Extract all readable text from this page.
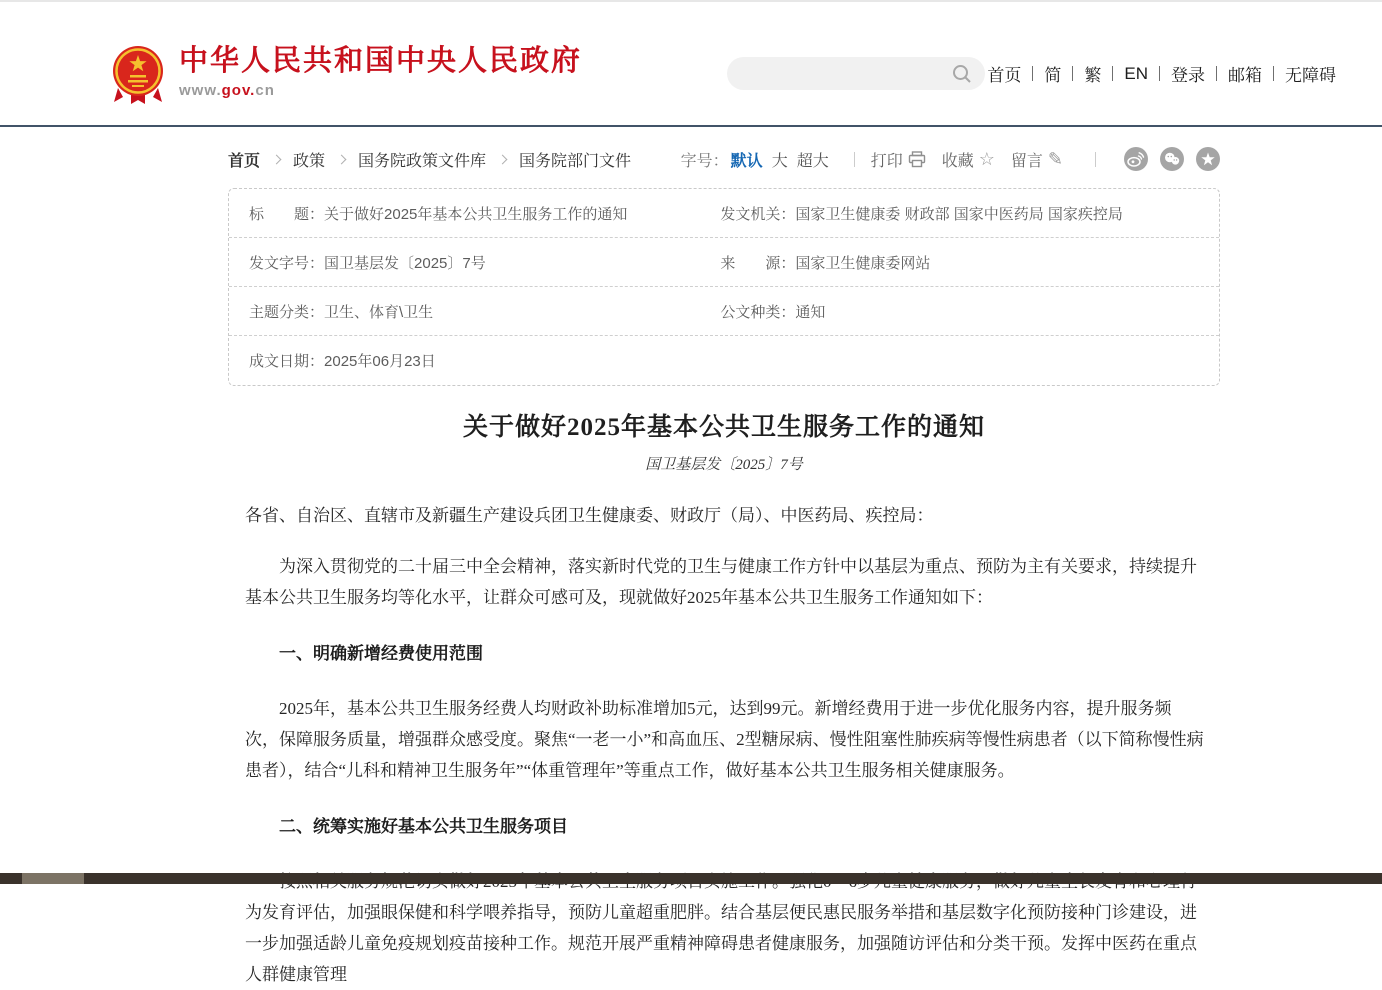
中华人民共和国中央人民政府
www.gov.cn
首页 简 繁 EN 登录 邮箱 无障碍
首页 政策 国务院政策文件库 国务院部门文件	字号： 默认 大 超大	打印 收藏 ☆ 留言 ✎
标　　题： 关于做好2025年基本公共卫生服务工作的通知	发文机关： 国家卫生健康委 财政部 国家中医药局 国家疾控局
发文字号： 国卫基层发〔2025〕7号	来　　源： 国家卫生健康委网站
主题分类： 卫生、体育\卫生	公文种类： 通知
成文日期： 2025年06月23日
关于做好2025年基本公共卫生服务工作的通知
国卫基层发〔2025〕7号

各省、自治区、直辖市及新疆生产建设兵团卫生健康委、财政厅（局）、中医药局、疾控局：

为深入贯彻党的二十届三中全会精神，落实新时代党的卫生与健康工作方针中以基层为重点、预防为主有关要求，持续提升基本公共卫生服务均等化水平，让群众可感可及，现就做好2025年基本公共卫生服务工作通知如下：

一、明确新增经费使用范围

2025年，基本公共卫生服务经费人均财政补助标准增加5元，达到99元。新增经费用于进一步优化服务内容，提升服务频次，保障服务质量，增强群众感受度。聚焦“一老一小”和高血压、2型糖尿病、慢性阻塞性肺疾病等慢性病患者（以下简称慢性病患者），结合“儿科和精神卫生服务年”“体重管理年”等重点工作，做好基本公共卫生服务相关健康服务。

二、统筹实施好基本公共卫生服务项目

为发育评估，加强眼保健和科学喂养指导，预防儿童超重肥胖。结合基层便民惠民服务举措和基层数字化预防接种门诊建设，进一步加强适龄儿童免疫规划疫苗接种工作。规范开展严重精神障碍患者健康服务，加强随访评估和分类干预。发挥中医药在重点人群健康管理
